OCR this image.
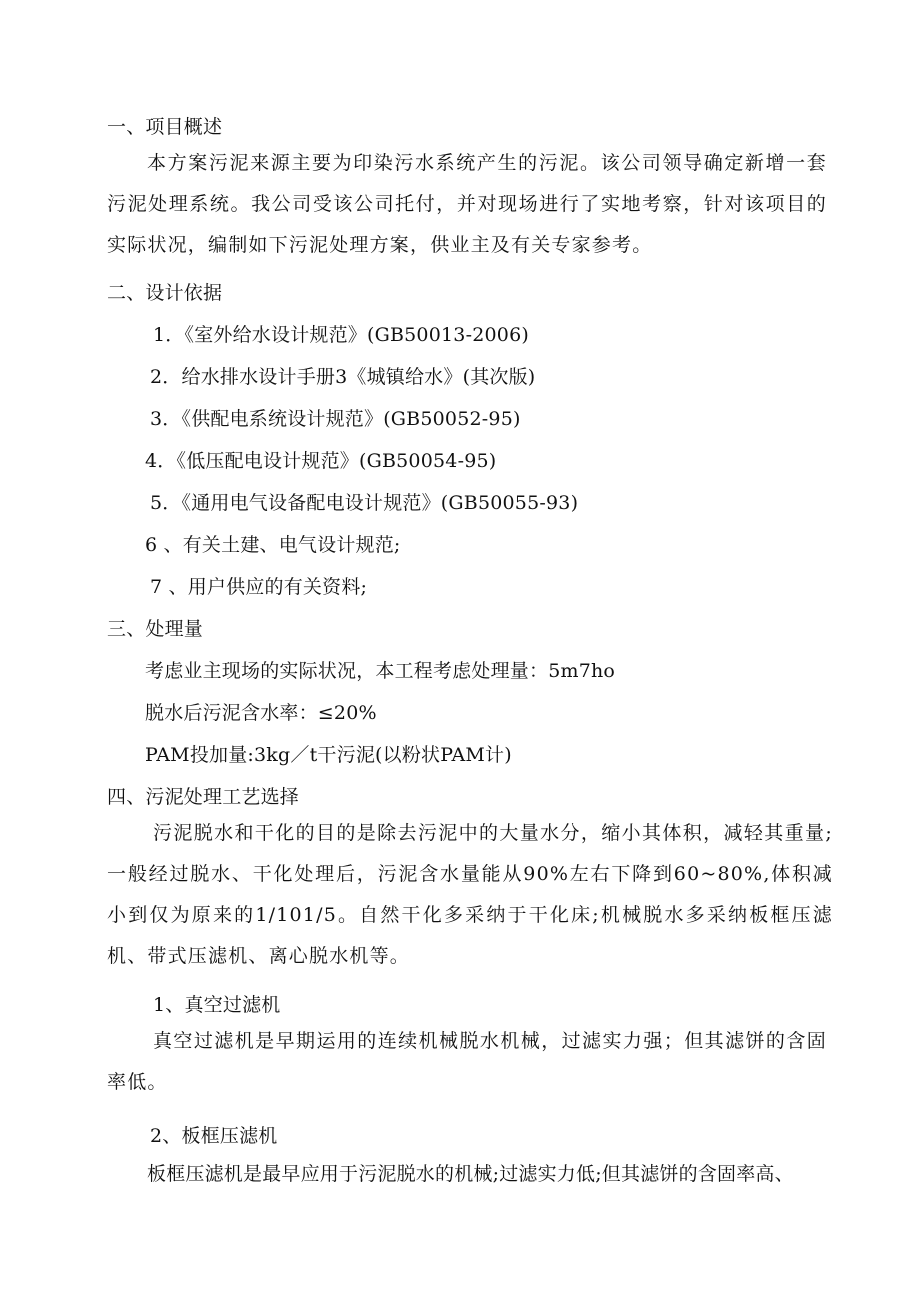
一、项目概述
本方案污泥来源主要为印染污水系统产生的污泥。该公司领导确定新增一套污泥处理系统。我公司受该公司托付，并对现场进行了实地考察，针对该项目的实际状况，编制如下污泥处理方案，供业主及有关专家参考。
二、设计依据
1．《室外给水设计规范》(GB50013-2006)
2．给水排水设计手册3《城镇给水》(其次版)
3．《供配电系统设计规范》(GB50052-95)
4．《低压配电设计规范》(GB50054-95)
5．《通用电气设备配电设计规范》(GB50055-93)
6 、有关土建、电气设计规范;
7 、用户供应的有关资料;
三、处理量
考虑业主现场的实际状况，本工程考虑处理量：5m7ho
脱水后污泥含水率：≤20%
PAM投加量:3kg／t干污泥(以粉状PAM计)
四、污泥处理工艺选择
污泥脱水和干化的目的是除去污泥中的大量水分，缩小其体积，减轻其重量;一般经过脱水、干化处理后，污泥含水量能从90%左右下降到60~80%,体积减小到仅为原来的1/101/5。自然干化多采纳于干化床;机械脱水多采纳板框压滤机、带式压滤机、离心脱水机等。
1、真空过滤机
真空过滤机是早期运用的连续机械脱水机械，过滤实力强；但其滤饼的含固率低。
2、板框压滤机
板框压滤机是最早应用于污泥脱水的机械;过滤实力低;但其滤饼的含固率高、
